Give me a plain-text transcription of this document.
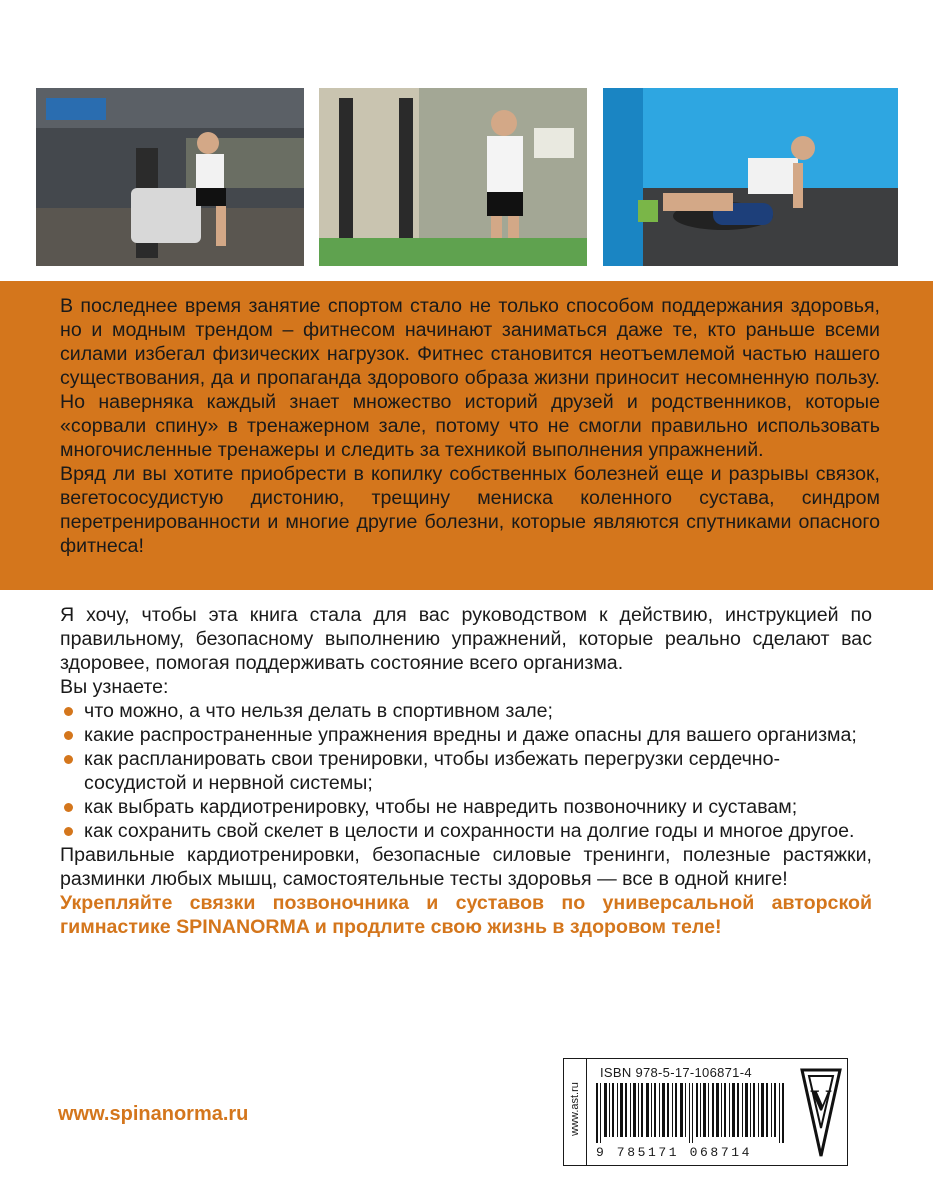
В последнее время занятие спортом стало не только способом поддержания здоровья, но и модным трендом – фитнесом начинают заниматься даже те, кто раньше всеми силами избегал физических нагрузок. Фитнес становится неотъемлемой частью нашего существования, да и пропаганда здорового образа жизни приносит несомненную пользу. Но наверняка каждый знает множество историй друзей и родственников, которые «сорвали спину» в тренажерном зале, потому что не смогли правильно использовать многочисленные тренажеры и следить за техникой выполнения упражнений.

Вряд ли вы хотите приобрести в копилку собственных болезней еще и разрывы связок, вегетососудистую дистонию, трещину мениска коленного сустава, синдром перетренированности и многие другие болезни, которые являются спутниками опасного фитнеса!

Я хочу, чтобы эта книга стала для вас руководством к действию, инструкцией по правильному, безопасному выполнению упражнений, которые реально сделают вас здоровее, помогая поддерживать состояние всего организма.

Вы узнаете:

что можно, а что нельзя делать в спортивном зале;
какие распространенные упражнения вредны и даже опасны для вашего организма;
как распланировать свои тренировки, чтобы избежать перегрузки сердечно-сосудистой и нервной системы;
как выбрать кардиотренировку, чтобы не навредить позвоночнику и суставам;
как сохранить свой скелет в целости и сохранности на долгие годы и многое другое.

Правильные кардиотренировки, безопасные силовые тренинги, полезные растяжки, разминки любых мышц, самостоятельные тесты здоровья — все в одной книге!

Укрепляйте связки позвоночника и суставов по универсальной авторской гимнастике SPINANORMA и продлите свою жизнь в здоровом теле!

www.spinanorma.ru	www.ast.ru
ISBN 978-5-17-106871-4
9 785171 068714
V
